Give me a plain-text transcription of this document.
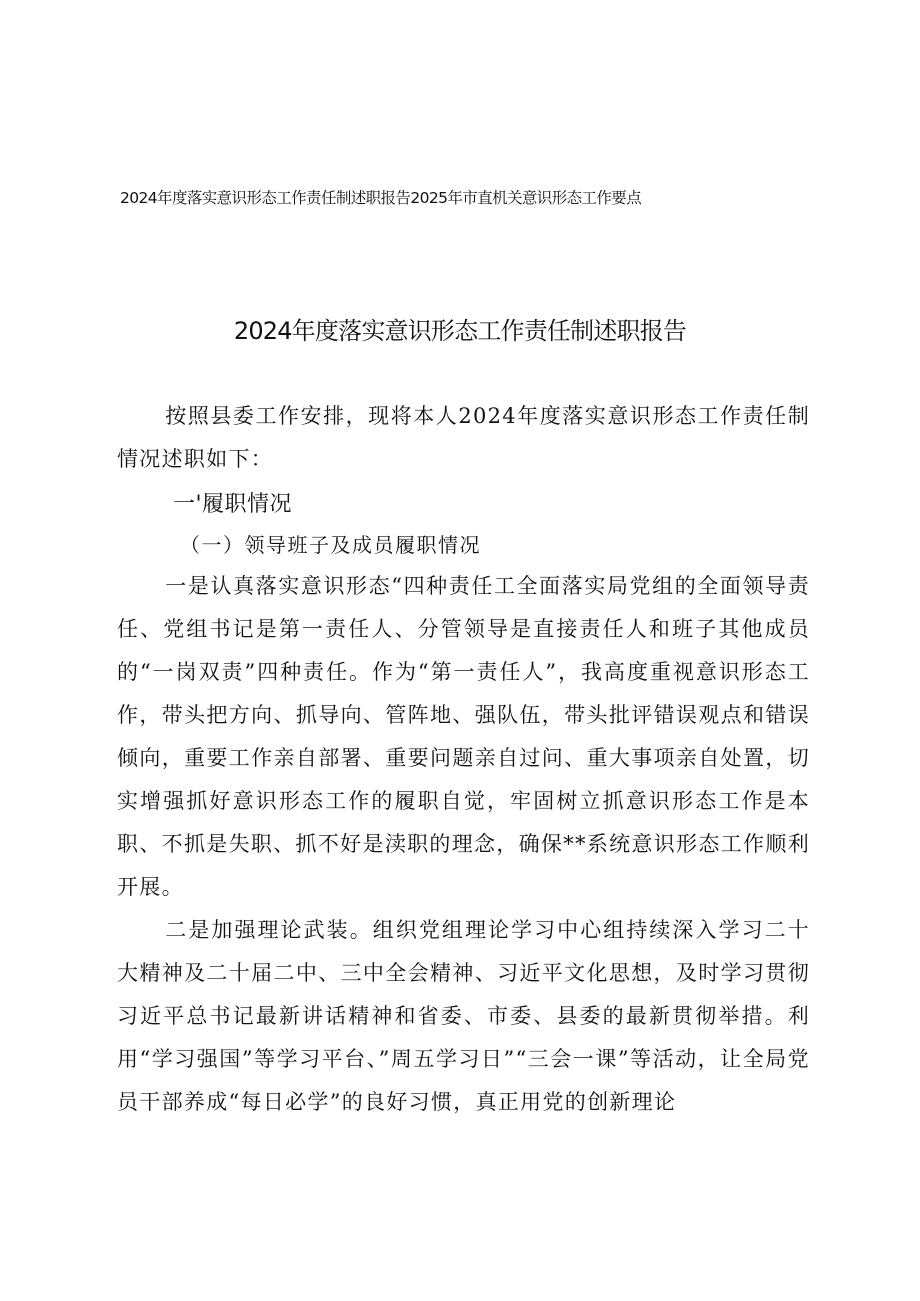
2024年度落实意识形态工作责任制述职报告2025年市直机关意识形态工作要点
2024年度落实意识形态工作责任制述职报告

按照县委工作安排，现将本人2024年度落实意识形态工作责任制情况述职如下：

一'履职情况
（一）领导班子及成员履职情况

一是认真落实意识形态“四种责任工全面落实局党组的全面领导责任、党组书记是第一责任人、分管领导是直接责任人和班子其他成员的“一岗双责”四种责任。作为“第一责任人”，我高度重视意识形态工作，带头把方向、抓导向、管阵地、强队伍，带头批评错误观点和错误倾向，重要工作亲自部署、重要问题亲自过问、重大事项亲自处置，切实增强抓好意识形态工作的履职自觉，牢固树立抓意识形态工作是本职、不抓是失职、抓不好是渎职的理念，确保**系统意识形态工作顺利开展。

二是加强理论武装。组织党组理论学习中心组持续深入学习二十大精神及二十届二中、三中全会精神、习近平文化思想，及时学习贯彻习近平总书记最新讲话精神和省委、市委、县委的最新贯彻举措。利用“学习强国”等学习平台、”周五学习日”“三会一课”等活动，让全局党员干部养成“每日必学”的良好习惯，真正用党的创新理论
